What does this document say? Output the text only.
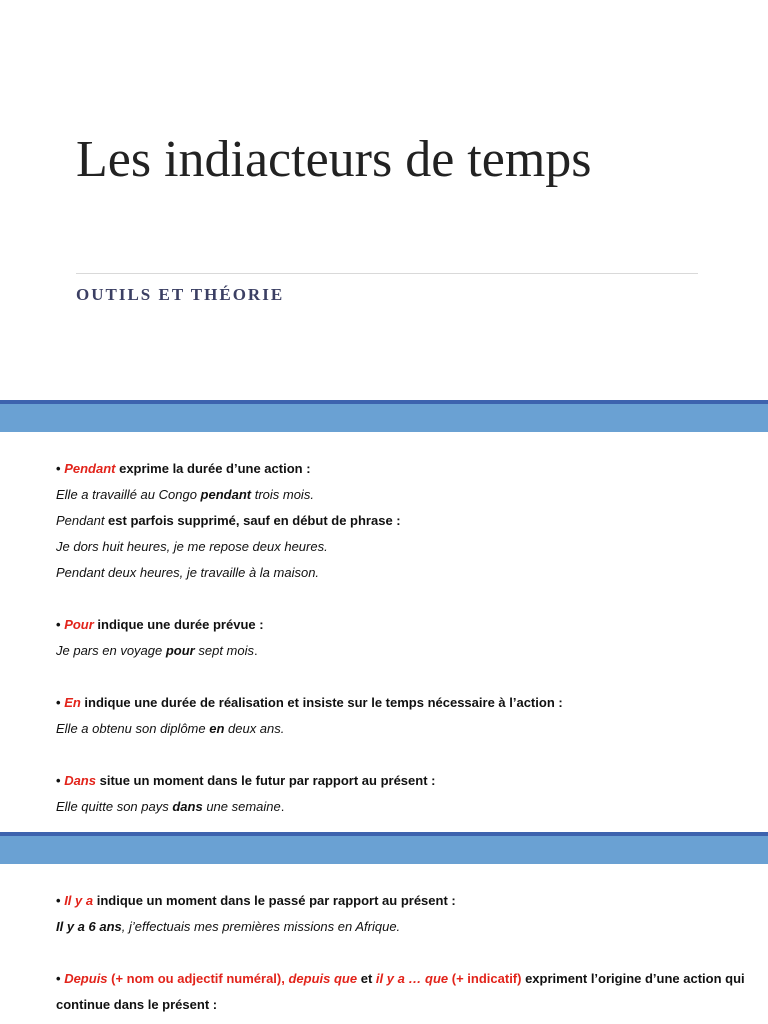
Les indiacteurs de temps
OUTILS ET THÉORIE
• Pendant exprime la durée d’une action :
Elle a travaillé au Congo pendant trois mois.
Pendant est parfois supprimé, sauf en début de phrase :
Je dors huit heures, je me repose deux heures.
Pendant deux heures, je travaille à la maison.
• Pour indique une durée prévue :
Je pars en voyage pour sept mois.
• En indique une durée de réalisation et insiste sur le temps nécessaire à l’action :
Elle a obtenu son diplôme en deux ans.
• Dans situe un moment dans le futur par rapport au présent :
Elle quitte son pays dans une semaine.
• Il y a indique un moment dans le passé par rapport au présent :
Il y a 6 ans, j’effectuais mes premières missions en Afrique.
• Depuis (+ nom ou adjectif numéral), depuis que et il y a … que (+ indicatif) expriment l’origine d’une action qui
continue dans le présent :
